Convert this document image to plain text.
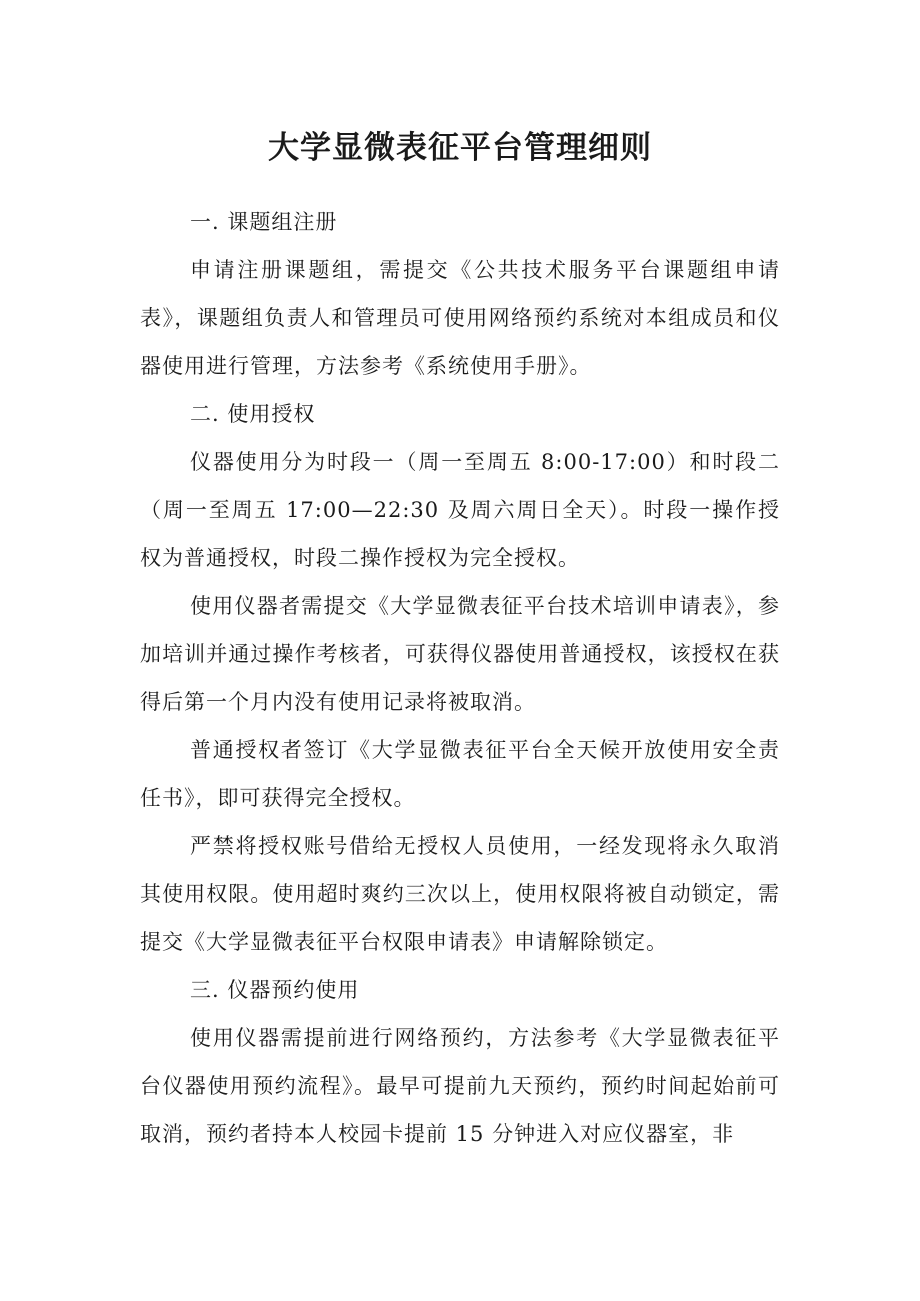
大学显微表征平台管理细则

一. 课题组注册

申请注册课题组，需提交《公共技术服务平台课题组申请表》，课题组负责人和管理员可使用网络预约系统对本组成员和仪器使用进行管理，方法参考《系统使用手册》。

二. 使用授权

仪器使用分为时段一（周一至周五 8:00-17:00）和时段二（周一至周五 17:00—22:30 及周六周日全天）。时段一操作授权为普通授权，时段二操作授权为完全授权。

使用仪器者需提交《大学显微表征平台技术培训申请表》，参加培训并通过操作考核者，可获得仪器使用普通授权，该授权在获得后第一个月内没有使用记录将被取消。

普通授权者签订《大学显微表征平台全天候开放使用安全责任书》，即可获得完全授权。

严禁将授权账号借给无授权人员使用，一经发现将永久取消其使用权限。使用超时爽约三次以上，使用权限将被自动锁定，需提交《大学显微表征平台权限申请表》申请解除锁定。

三. 仪器预约使用

使用仪器需提前进行网络预约，方法参考《大学显微表征平台仪器使用预约流程》。最早可提前九天预约，预约时间起始前可取消，预约者持本人校园卡提前 15 分钟进入对应仪器室，非
